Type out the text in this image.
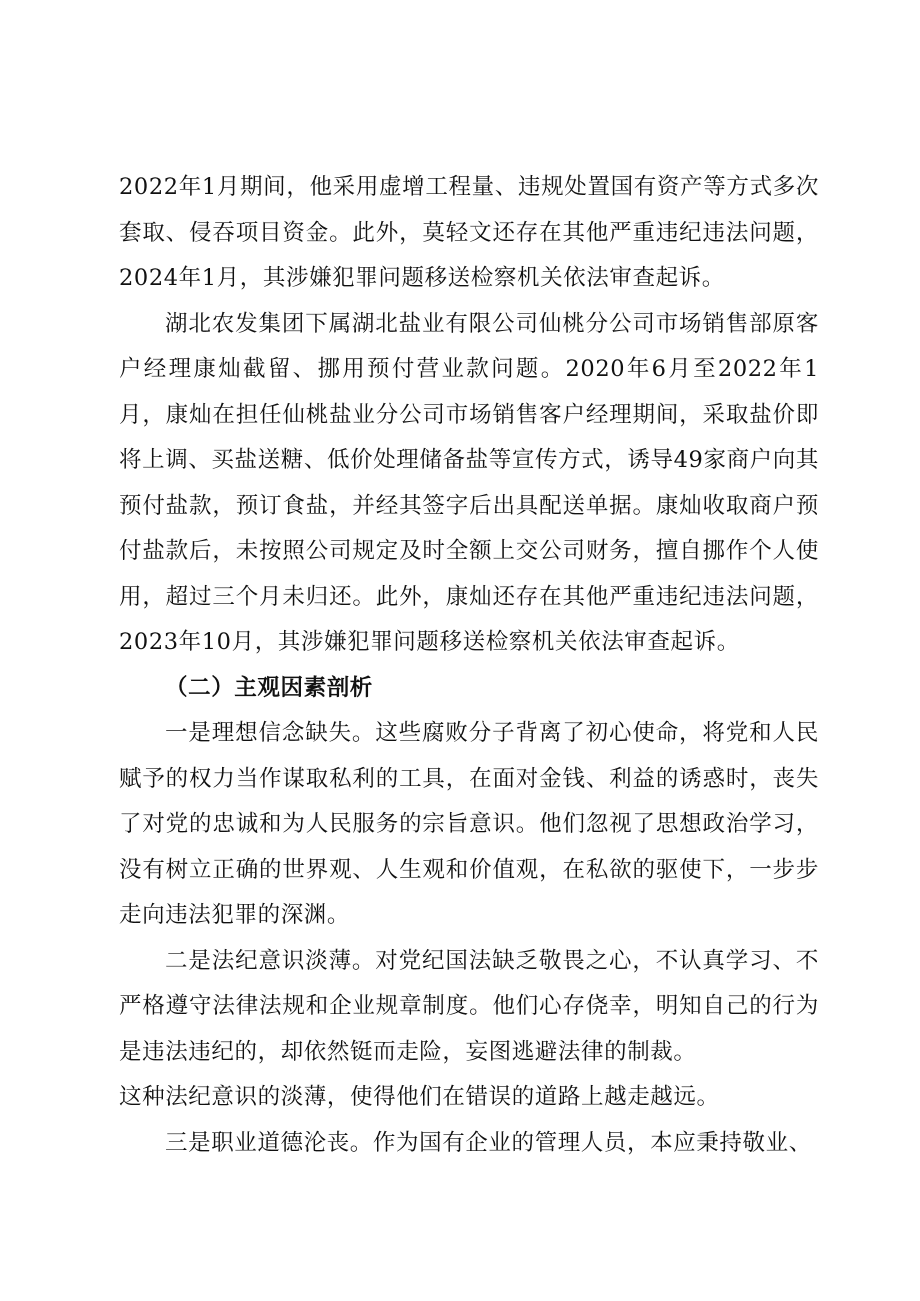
2022年1月期间，他采用虚增工程量、违规处置国有资产等方式多次套取、侵吞项目资金。此外，莫轻文还存在其他严重违纪违法问题，2024年1月，其涉嫌犯罪问题移送检察机关依法审查起诉。

湖北农发集团下属湖北盐业有限公司仙桃分公司市场销售部原客户经理康灿截留、挪用预付营业款问题。2020年6月至2022年1月，康灿在担任仙桃盐业分公司市场销售客户经理期间，采取盐价即将上调、买盐送糖、低价处理储备盐等宣传方式，诱导49家商户向其预付盐款，预订食盐，并经其签字后出具配送单据。康灿收取商户预付盐款后，未按照公司规定及时全额上交公司财务，擅自挪作个人使用，超过三个月未归还。此外，康灿还存在其他严重违纪违法问题，2023年10月，其涉嫌犯罪问题移送检察机关依法审查起诉。

（二）主观因素剖析

一是理想信念缺失。这些腐败分子背离了初心使命，将党和人民赋予的权力当作谋取私利的工具，在面对金钱、利益的诱惑时，丧失了对党的忠诚和为人民服务的宗旨意识。他们忽视了思想政治学习，没有树立正确的世界观、人生观和价值观，在私欲的驱使下，一步步走向违法犯罪的深渊。

二是法纪意识淡薄。对党纪国法缺乏敬畏之心，不认真学习、不严格遵守法律法规和企业规章制度。他们心存侥幸，明知自己的行为是违法违纪的，却依然铤而走险，妄图逃避法律的制裁。

这种法纪意识的淡薄，使得他们在错误的道路上越走越远。

三是职业道德沦丧。作为国有企业的管理人员，本应秉持敬业、
